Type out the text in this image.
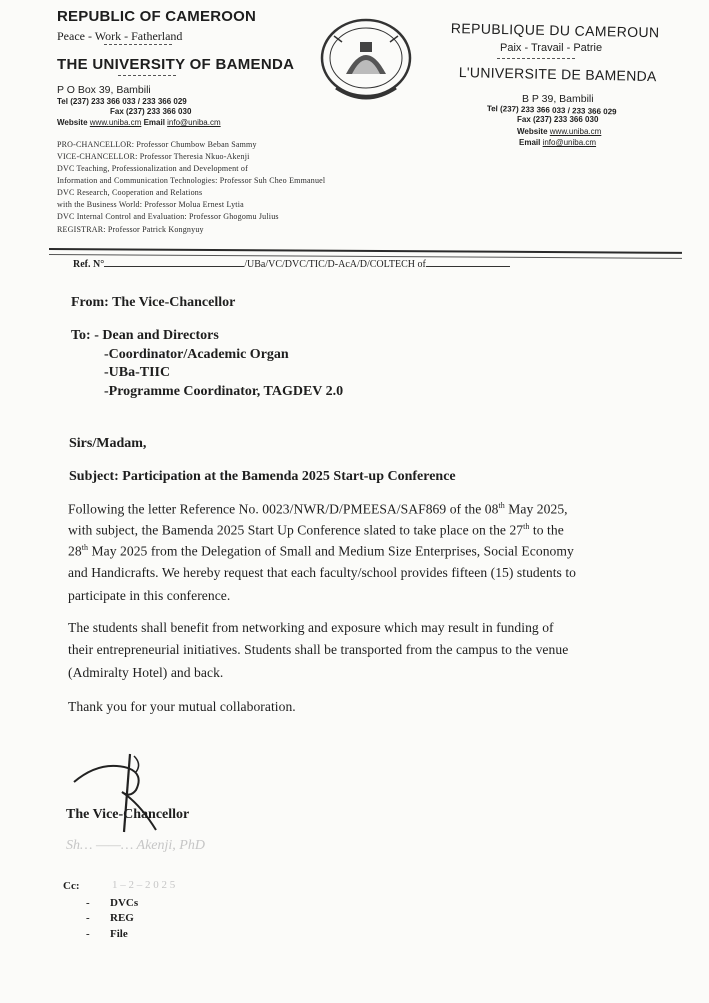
REPUBLIC OF CAMEROON
Peace - Work - Fatherland
THE UNIVERSITY OF BAMENDA
P O Box 39, Bambili
Tel (237) 233 366 033 / 233 366 029
Fax (237) 233 366 030
Website www.uniba.cm Email info@uniba.cm
PRO-CHANCELLOR: Professor Chumbow Beban Sammy
VICE-CHANCELLOR: Professor Theresia Nkuo-Akenji
DVC Teaching, Professionalization and Development of
Information and Communication Technologies: Professor Suh Cheo Emmanuel
DVC Research, Cooperation and Relations
with the Business World: Professor Molua Ernest Lytia
DVC Internal Control and Evaluation: Professor Ghogomu Julius
REGISTRAR: Professor Patrick Kongnyuy
REPUBLIQUE DU CAMEROUN
Paix - Travail - Patrie
L'UNIVERSITE DE BAMENDA
B P 39, Bambili
Tel (237) 233 366 033 / 233 366 029
Fax (237) 233 366 030
Website www.uniba.cm
Email info@uniba.cm
Ref. N°	/UBa/VC/DVC/TIC/D-AcA/D/COLTECH of
From: The Vice-Chancellor
To: - Dean and Directors
-Coordinator/Academic Organ
-UBa-TIIC
-Programme Coordinator, TAGDEV 2.0
Sirs/Madam,
Subject: Participation at the Bamenda 2025 Start-up Conference
Following the letter Reference No. 0023/NWR/D/PMEESA/SAF869 of the 08th May 2025,
with subject, the Bamenda 2025 Start Up Conference slated to take place on the 27th to the
28th May 2025 from the Delegation of Small and Medium Size Enterprises, Social Economy
and Handicrafts. We hereby request that each faculty/school provides fifteen (15) students to
participate in this conference.
The students shall benefit from networking and exposure which may result in funding of
their entrepreneurial initiatives. Students shall be transported from the campus to the venue
(Admiralty Hotel) and back.
Thank you for your mutual collaboration.
The Vice-Chancellor
Sh… ——… Akenji, PhD
1 – 2 – 2 0 2 5
Cc:
- DVCs
- REG
- File
